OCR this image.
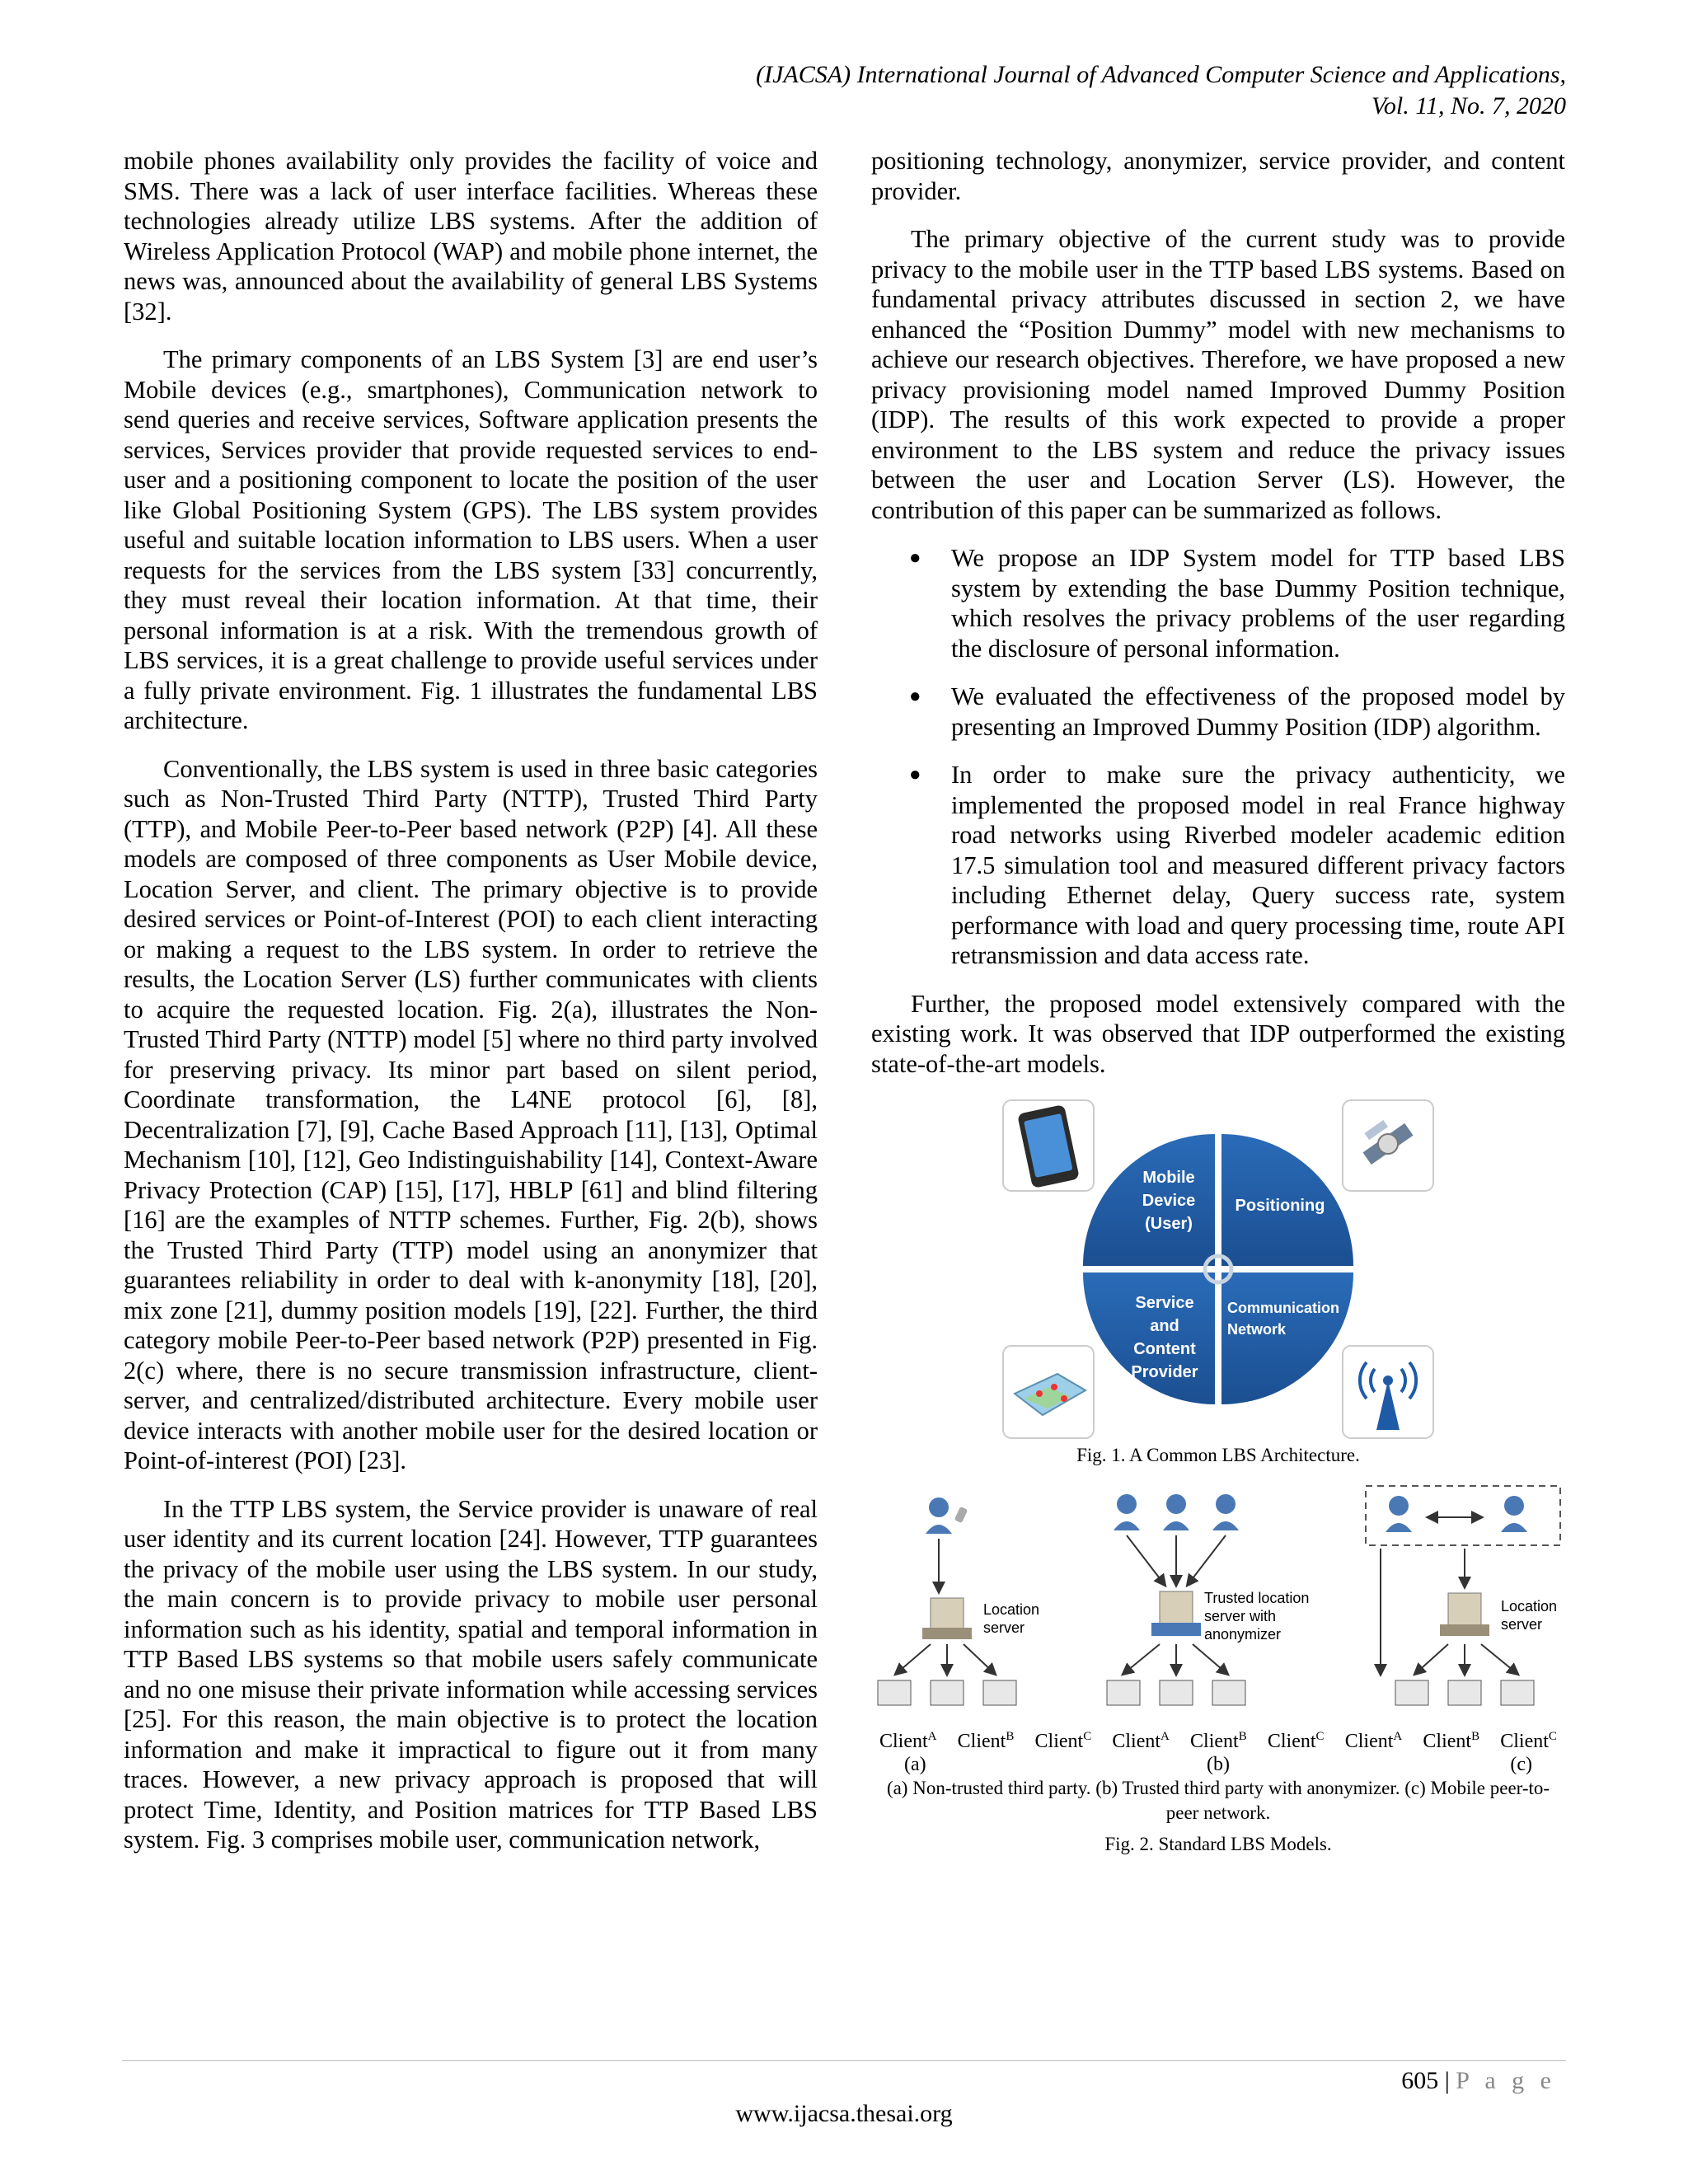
(IJACSA) International Journal of Advanced Computer Science and Applications,
Vol. 11, No. 7, 2020

mobile phones availability only provides the facility of voice and SMS. There was a lack of user interface facilities. Whereas these technologies already utilize LBS systems. After the addition of Wireless Application Protocol (WAP) and mobile phone internet, the news was, announced about the availability of general LBS Systems [32].

The primary components of an LBS System [3] are end user’s Mobile devices (e.g., smartphones), Communication network to send queries and receive services, Software application presents the services, Services provider that provide requested services to end-user and a positioning component to locate the position of the user like Global Positioning System (GPS). The LBS system provides useful and suitable location information to LBS users. When a user requests for the services from the LBS system [33] concurrently, they must reveal their location information. At that time, their personal information is at a risk. With the tremendous growth of LBS services, it is a great challenge to provide useful services under a fully private environment. Fig. 1 illustrates the fundamental LBS architecture.

Conventionally, the LBS system is used in three basic categories such as Non-Trusted Third Party (NTTP), Trusted Third Party (TTP), and Mobile Peer-to-Peer based network (P2P) [4]. All these models are composed of three components as User Mobile device, Location Server, and client. The primary objective is to provide desired services or Point-of-Interest (POI) to each client interacting or making a request to the LBS system. In order to retrieve the results, the Location Server (LS) further communicates with clients to acquire the requested location. Fig. 2(a), illustrates the Non-Trusted Third Party (NTTP) model [5] where no third party involved for preserving privacy. Its minor part based on silent period, Coordinate transformation, the L4NE protocol [6], [8], Decentralization [7], [9], Cache Based Approach [11], [13], Optimal Mechanism [10], [12], Geo Indistinguishability [14], Context-Aware Privacy Protection (CAP) [15], [17], HBLP [61] and blind filtering [16] are the examples of NTTP schemes. Further, Fig. 2(b), shows the Trusted Third Party (TTP) model using an anonymizer that guarantees reliability in order to deal with k-anonymity [18], [20], mix zone [21], dummy position models [19], [22]. Further, the third category mobile Peer-to-Peer based network (P2P) presented in Fig. 2(c) where, there is no secure transmission infrastructure, client-server, and centralized/distributed architecture. Every mobile user device interacts with another mobile user for the desired location or Point-of-interest (POI) [23].

In the TTP LBS system, the Service provider is unaware of real user identity and its current location [24]. However, TTP guarantees the privacy of the mobile user using the LBS system. In our study, the main concern is to provide privacy to mobile user personal information such as his identity, spatial and temporal information in TTP Based LBS systems so that mobile users safely communicate and no one misuse their private information while accessing services [25]. For this reason, the main objective is to protect the location information and make it impractical to figure out it from many traces. However, a new privacy approach is proposed that will protect Time, Identity, and Position matrices for TTP Based LBS system. Fig. 3 comprises mobile user, communication network,

positioning technology, anonymizer, service provider, and content provider.

The primary objective of the current study was to provide privacy to the mobile user in the TTP based LBS systems. Based on fundamental privacy attributes discussed in section 2, we have enhanced the “Position Dummy” model with new mechanisms to achieve our research objectives. Therefore, we have proposed a new privacy provisioning model named Improved Dummy Position (IDP). The results of this work expected to provide a proper environment to the LBS system and reduce the privacy issues between the user and Location Server (LS). However, the contribution of this paper can be summarized as follows.

● We propose an IDP System model for TTP based LBS system by extending the base Dummy Position technique, which resolves the privacy problems of the user regarding the disclosure of personal information.
● We evaluated the effectiveness of the proposed model by presenting an Improved Dummy Position (IDP) algorithm.
● In order to make sure the privacy authenticity, we implemented the proposed model in real France highway road networks using Riverbed modeler academic edition 17.5 simulation tool and measured different privacy factors including Ethernet delay, Query success rate, system performance with load and query processing time, route API retransmission and data access rate.

Further, the proposed model extensively compared with the existing work. It was observed that IDP outperformed the existing state-of-the-art models.

Mobile
Device
(User)
Positioning
Service
and
Content
Provider
Communication
Network
Fig. 1. A Common LBS Architecture.
Location
server
Trusted location
server with
anonymizer
Location
server
Client$^A$ Client$^B$ Client$^C$ Client$^A$ Client$^B$ Client$^C$ Client$^A$ Client$^B$ Client$^C$
(a)	(b)	(c)
(a) Non-trusted third party. (b) Trusted third party with anonymizer. (c) Mobile peer-to-peer network.
Fig. 2. Standard LBS Models.
605 | P a g e
www.ijacsa.thesai.org
